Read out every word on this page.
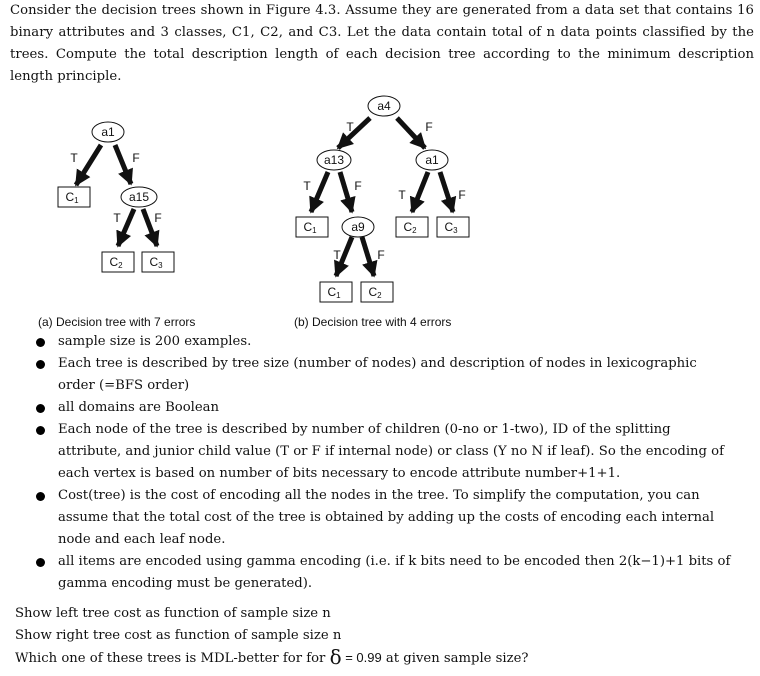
Consider the decision trees shown in Figure 4.3. Assume they are generated from a data set that contains 16 binary attributes and 3 classes, C1, C2, and C3. Let the data contain total of n data points classified by the trees. Compute the total description length of each decision tree according to the minimum description length principle.
a1
T	F
a15
T	F
C1
C2 C3
a4
T	F
a13
T	F
a1
T	F
a9
T	F
C1	C2 C3
C1 C2
(a) Decision tree with 7 errors	(b) Decision tree with 4 errors
sample size is 200 examples.
Each tree is described by tree size (number of nodes) and description of nodes in lexicographic order (=BFS order)
all domains are Boolean
Each node of the tree is described by number of children (0-no or 1-two), ID of the splitting attribute, and junior child value (T or F if internal node) or class (Y no N if leaf). So the encoding of each vertex is based on number of bits necessary to encode attribute number+1+1.
Cost(tree) is the cost of encoding all the nodes in the tree. To simplify the computation, you can assume that the total cost of the tree is obtained by adding up the costs of encoding each internal node and each leaf node.
all items are encoded using gamma encoding (i.e. if k bits need to be encoded then 2(k−1)+1 bits of gamma encoding must be generated).
Show left tree cost as function of sample size n
Show right tree cost as function of sample size n
Which one of these trees is MDL-better for for δ = 0.99 at given sample size?
